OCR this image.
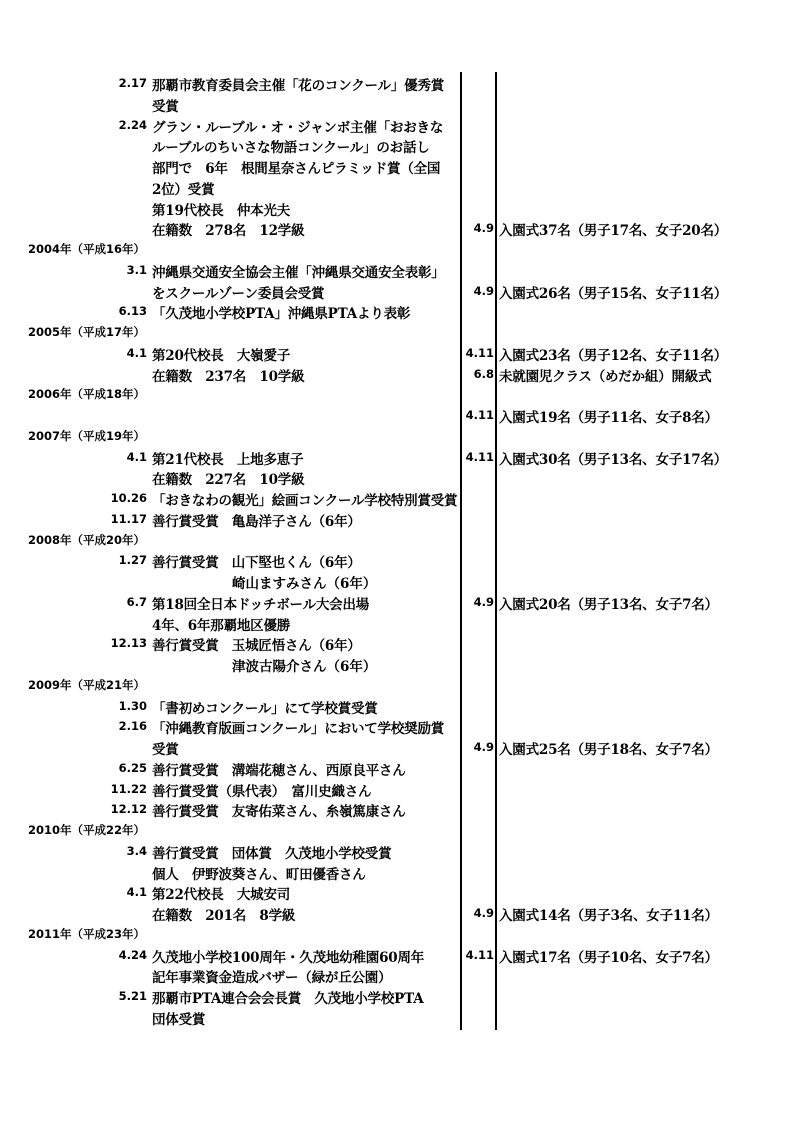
2.17 那覇市教育委員会主催「花のコンクール」優秀賞
受賞
2.24 グラン・ルーブル・オ・ジャンボ主催「おおきな
ルーブルのちいさな物語コンクール」のお話し
部門で　6年　根間星奈さんピラミッド賞（全国
2位）受賞
第19代校長　仲本光夫
在籍数　278名　12学級	4.9 入園式37名（男子17名、女子20名）
2004年（平成16年）
3.1 沖縄県交通安全協会主催「沖縄県交通安全表彰」
をスクールゾーン委員会受賞	4.9 入園式26名（男子15名、女子11名）
6.13 「久茂地小学校PTA」沖縄県PTAより表彰
2005年（平成17年）
4.1 第20代校長　大嶺愛子	4.11 入園式23名（男子12名、女子11名）
在籍数　237名　10学級	6.8 未就園児クラス（めだか組）開級式
2006年（平成18年）
4.11 入園式19名（男子11名、女子8名）
2007年（平成19年）
4.1 第21代校長　上地多恵子	4.11 入園式30名（男子13名、女子17名）
在籍数　227名　10学級
10.26 「おきなわの観光」絵画コンクール学校特別賞受賞
11.17 善行賞受賞　亀島洋子さん（6年）
2008年（平成20年）
1.27 善行賞受賞　山下堅也くん（6年）
崎山ますみさん（6年）
6.7 第18回全日本ドッチボール大会出場	4.9 入園式20名（男子13名、女子7名）
4年、6年那覇地区優勝
12.13 善行賞受賞　玉城匠悟さん（6年）
津波古陽介さん（6年）
2009年（平成21年）
1.30 「書初めコンクール」にて学校賞受賞
2.16 「沖縄教育版画コンクール」において学校奨励賞
受賞	4.9 入園式25名（男子18名、女子7名）
6.25 善行賞受賞　溝端花穂さん、西原良平さん
11.22 善行賞受賞（県代表）　富川史織さん
12.12 善行賞受賞　友寄佑菜さん、糸嶺篤康さん
2010年（平成22年）
3.4 善行賞受賞　団体賞　久茂地小学校受賞
個人　伊野波葵さん、町田優香さん
4.1 第22代校長　大城安司
在籍数　201名　8学級	4.9 入園式14名（男子3名、女子11名）
2011年（平成23年）
4.24 久茂地小学校100周年・久茂地幼稚園60周年	4.11 入園式17名（男子10名、女子7名）
記年事業資金造成バザー（緑が丘公園）
5.21 那覇市PTA連合会会長賞　久茂地小学校PTA
団体受賞
